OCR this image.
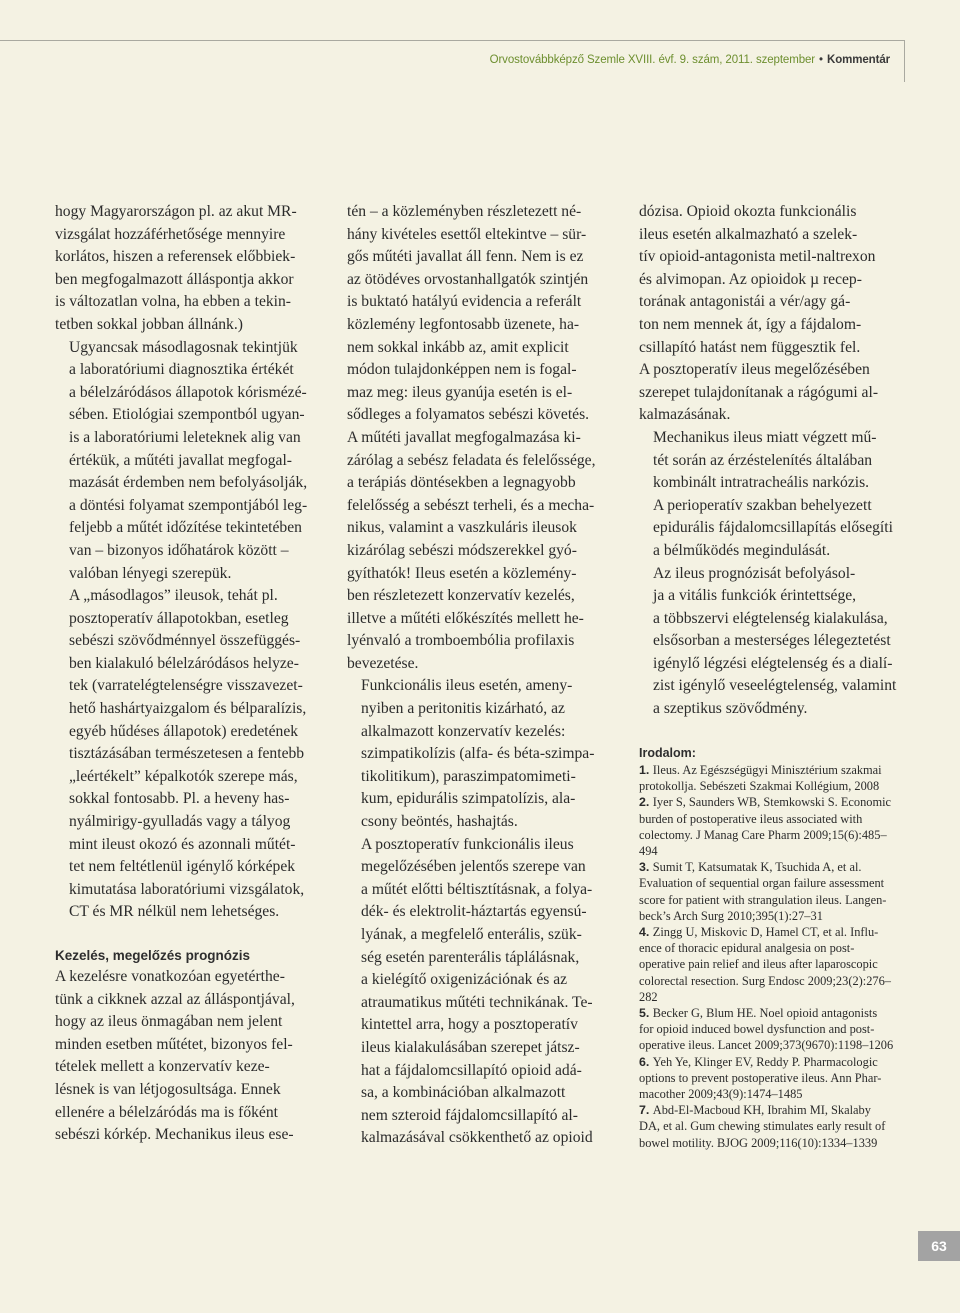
Orvostovábbképző Szemle XVIII. évf. 9. szám, 2011. szeptember • Kommentár

hogy Magyarországon pl. az akut MR-
vizsgálat hozzáférhetősége mennyire
korlátos, hiszen a referensek előbbiek-
ben megfogalmazott álláspontja akkor
is változatlan volna, ha ebben a tekin-
tetben sokkal jobban állnánk.)

Ugyancsak másodlagosnak tekintjük
a laboratóriumi diagnosztika értékét
a bélelzáródásos állapotok kórismézé-
sében. Etiológiai szempontból ugyan-
is a laboratóriumi leleteknek alig van
értékük, a műtéti javallat megfogal-
mazását érdemben nem befolyásolják,
a döntési folyamat szempontjából leg-
feljebb a műtét időzítése tekintetében
van – bizonyos időhatárok között –
valóban lényegi szerepük.

A „másodlagos” ileusok, tehát pl.
posztoperatív állapotokban, esetleg
sebészi szövődménnyel összefüggés-
ben kialakuló bélelzáródásos helyze-
tek (varratelégtelenségre visszavezet-
hető hashártyaizgalom és bélparalízis,
egyéb hűdéses állapotok) eredetének
tisztázásában természetesen a fentebb
„leértékelt” képalkotók szerepe más,
sokkal fontosabb. Pl. a heveny has-
nyálmirigy-gyulladás vagy a tályog
mint ileust okozó és azonnali műtét-
tet nem feltétlenül igénylő kórképek
kimutatása laboratóriumi vizsgálatok,
CT és MR nélkül nem lehetséges.

Kezelés, megelőzés prognózis

A kezelésre vonatkozóan egyetérthe-
tünk a cikknek azzal az álláspontjával,
hogy az ileus önmagában nem jelent
minden esetben műtétet, bizonyos fel-
tételek mellett a konzervatív keze-
lésnek is van létjogosultsága. Ennek
ellenére a bélelzáródás ma is főként
sebészi kórkép. Mechanikus ileus ese-

tén – a közleményben részletezett né-
hány kivételes esettől eltekintve – sür-
gős műtéti javallat áll fenn. Nem is ez
az ötödéves orvostanhallgatók szintjén
is buktató hatályú evidencia a referált
közlemény legfontosabb üzenete, ha-
nem sokkal inkább az, amit explicit
módon tulajdonképpen nem is fogal-
maz meg: ileus gyanúja esetén is el-
sődleges a folyamatos sebészi követés.
A műtéti javallat megfogalmazása ki-
zárólag a sebész feladata és felelőssége,
a terápiás döntésekben a legnagyobb
felelősség a sebészt terheli, és a mecha-
nikus, valamint a vaszkuláris ileusok
kizárólag sebészi módszerekkel gyó-
gyíthatók! Ileus esetén a közlemény-
ben részletezett konzervatív kezelés,
illetve a műtéti előkészítés mellett he-
lyénvaló a tromboembólia profilaxis
bevezetése.

Funkcionális ileus esetén, ameny-
nyiben a peritonitis kizárható, az
alkalmazott konzervatív kezelés:
szimpatikolízis (alfa- és béta-szimpa-
tikolitikum), paraszimpatomimeti-
kum, epidurális szimpatolízis, ala-
csony beöntés, hashajtás.

A posztoperatív funkcionális ileus
megelőzésében jelentős szerepe van
a műtét előtti béltisztításnak, a folya-
dék- és elektrolit-háztartás egyensú-
lyának, a megfelelő enterális, szük-
ség esetén parenterális táplálásnak,
a kielégítő oxigenizációnak és az
atraumatikus műtéti technikának. Te-
kintettel arra, hogy a posztoperatív
ileus kialakulásában szerepet játsz-
hat a fájdalomcsillapító opioid adá-
sa, a kombinációban alkalmazott
nem szteroid fájdalomcsillapító al-
kalmazásával csökkenthető az opioid

dózisa. Opioid okozta funkcionális
ileus esetén alkalmazható a szelek-
tív opioid-antagonista metil-naltrexon
és alvimopan. Az opioidok µ recep-
torának antagonistái a vér/agy gá-
ton nem mennek át, így a fájdalom-
csillapító hatást nem függesztik fel.
A posztoperatív ileus megelőzésében
szerepet tulajdonítanak a rágógumi al-
kalmazásának.

Mechanikus ileus miatt végzett mű-
tét során az érzéstelenítés általában
kombinált intratracheális narkózis.
A perioperatív szakban behelyezett
epidurális fájdalomcsillapítás elősegíti
a bélműködés megindulását.

Az ileus prognózisát befolyásol-
ja a vitális funkciók érintettsége,
a többszervi elégtelenség kialakulása,
elsősorban a mesterséges lélegeztetést
igénylő légzési elégtelenség és a dialí-
zist igénylő veseelégtelenség, valamint
a szeptikus szövődmény.

Irodalom:

1. Ileus. Az Egészségügyi Minisztérium szakmai
protokollja. Sebészeti Szakmai Kollégium, 2008

2. Iyer S, Saunders WB, Stemkowski S. Economic
burden of postoperative ileus associated with
colectomy. J Manag Care Pharm 2009;15(6):485–
494

3. Sumit T, Katsumatak K, Tsuchida A, et al.
Evaluation of sequential organ failure assessment
score for patient with strangulation ileus. Langen-
beck’s Arch Surg 2010;395(1):27–31

4. Zingg U, Miskovic D, Hamel CT, et al. Influ-
ence of thoracic epidural analgesia on post-
operative pain relief and ileus after laparoscopic
colorectal resection. Surg Endosc 2009;23(2):276–
282

5. Becker G, Blum HE. Noel opioid antagonists
for opioid induced bowel dysfunction and post-
operative ileus. Lancet 2009;373(9670):1198–1206

6. Yeh Ye, Klinger EV, Reddy P. Pharmacologic
options to prevent postoperative ileus. Ann Phar-
macother 2009;43(9):1474–1485

7. Abd-El-Macboud KH, Ibrahim MI, Skalaby
DA, et al. Gum chewing stimulates early result of
bowel motility. BJOG 2009;116(10):1334–1339

63
